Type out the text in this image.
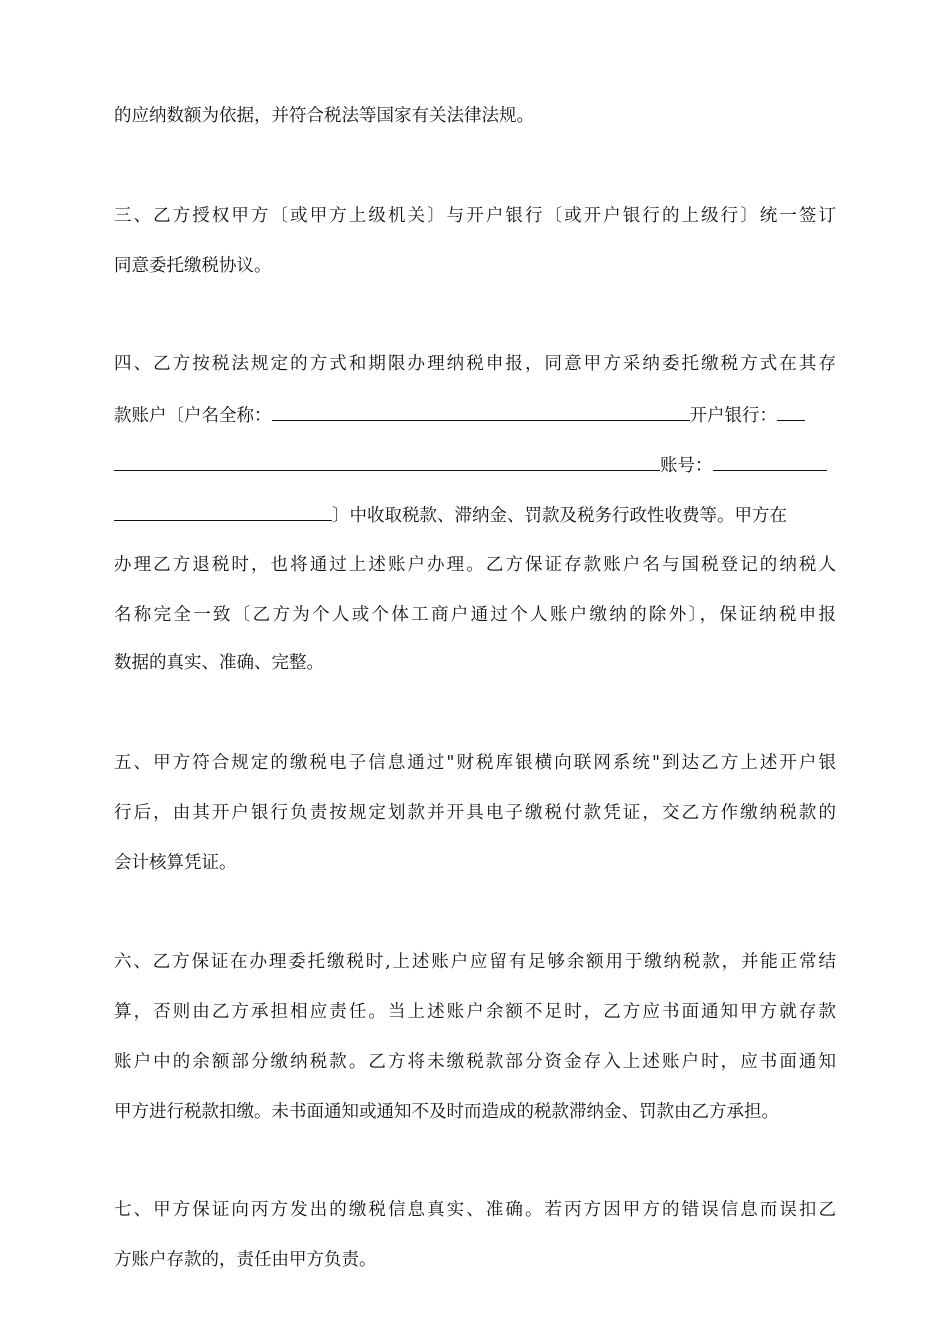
的应纳数额为依据，并符合税法等国家有关法律法规。
三、乙方授权甲方〔或甲方上级机关〕与开户银行〔或开户银行的上级行〕统一签订
同意委托缴税协议。
四、乙方按税法规定的方式和期限办理纳税申报，同意甲方采纳委托缴税方式在其存
款账户〔户名全称：	开户银行：
账号：
〕中收取税款、滞纳金、罚款及税务行政性收费等。甲方在
办理乙方退税时，也将通过上述账户办理。乙方保证存款账户名与国税登记的纳税人
名称完全一致〔乙方为个人或个体工商户通过个人账户缴纳的除外〕，保证纳税申报
数据的真实、准确、完整。
五、甲方符合规定的缴税电子信息通过"财税库银横向联网系统"到达乙方上述开户银
行后，由其开户银行负责按规定划款并开具电子缴税付款凭证，交乙方作缴纳税款的
会计核算凭证。
六、乙方保证在办理委托缴税时,上述账户应留有足够余额用于缴纳税款，并能正常结
算，否则由乙方承担相应责任。当上述账户余额不足时，乙方应书面通知甲方就存款
账户中的余额部分缴纳税款。乙方将未缴税款部分资金存入上述账户时，应书面通知
甲方进行税款扣缴。未书面通知或通知不及时而造成的税款滞纳金、罚款由乙方承担。
七、甲方保证向丙方发出的缴税信息真实、准确。若丙方因甲方的错误信息而误扣乙
方账户存款的，责任由甲方负责。
